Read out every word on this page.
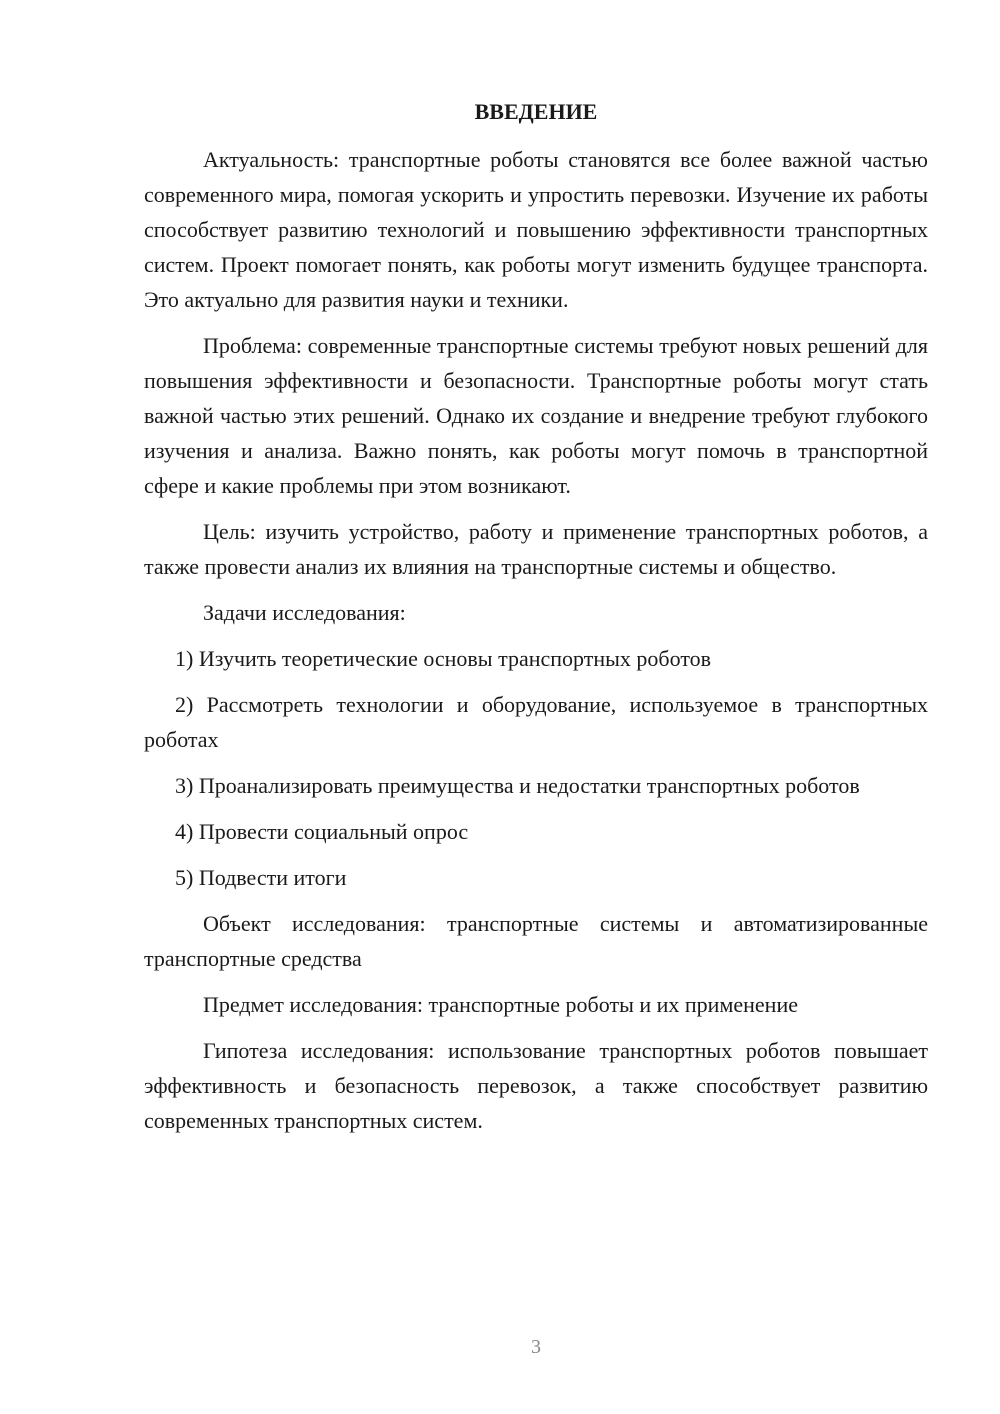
ВВЕДЕНИЕ

Актуальность: транспортные роботы становятся все более важной частью современного мира, помогая ускорить и упростить перевозки. Изучение их работы способствует развитию технологий и повышению эффективности транспортных систем. Проект помогает понять, как роботы могут изменить будущее транспорта. Это актуально для развития науки и техники.

Проблема: современные транспортные системы требуют новых решений для повышения эффективности и безопасности. Транспортные роботы могут стать важной частью этих решений. Однако их создание и внедрение требуют глубокого изучения и анализа. Важно понять, как роботы могут помочь в транспортной сфере и какие проблемы при этом возникают.

Цель: изучить устройство, работу и применение транспортных роботов, а также провести анализ их влияния на транспортные системы и общество.

Задачи исследования:

1) Изучить теоретические основы транспортных роботов

2) Рассмотреть технологии и оборудование, используемое в транспортных роботах

3) Проанализировать преимущества и недостатки транспортных роботов

4) Провести социальный опрос

5) Подвести итоги

Объект исследования: транспортные системы и автоматизированные транспортные средства

Предмет исследования: транспортные роботы и их применение

Гипотеза исследования: использование транспортных роботов повышает эффективность и безопасность перевозок, а также способствует развитию современных транспортных систем.

3
